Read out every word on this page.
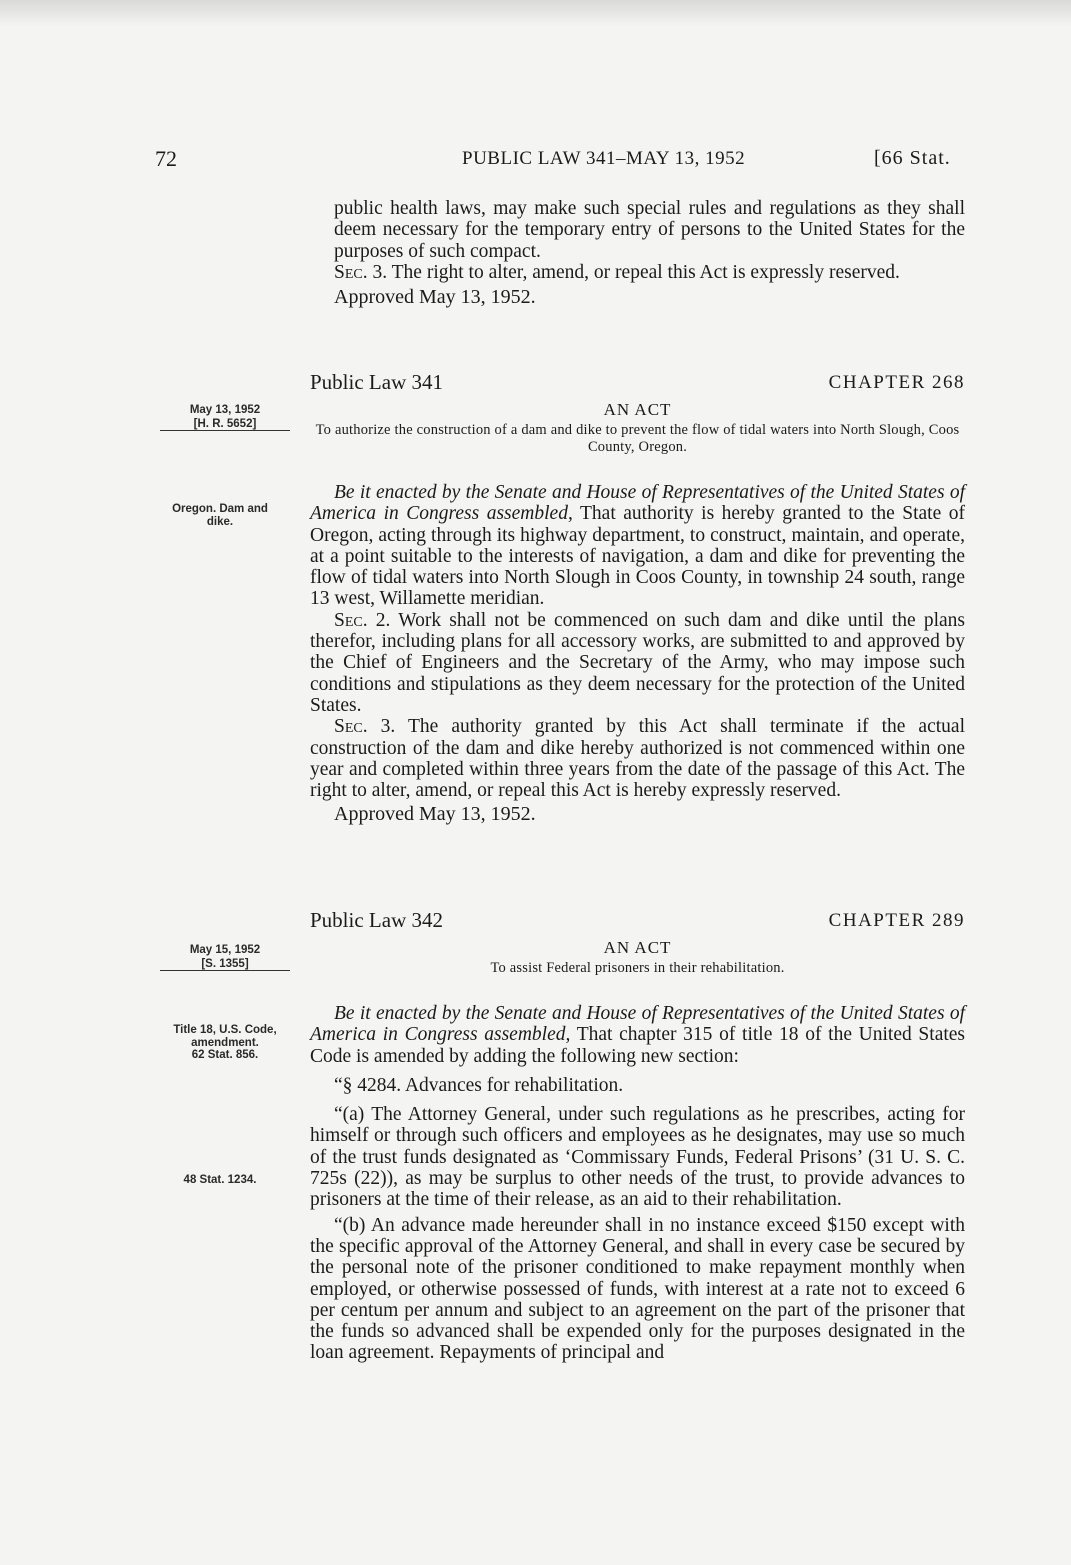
72	PUBLIC LAW 341–MAY 13, 1952	[66 Stat.

public health laws, may make such special rules and regulations as they shall deem necessary for the temporary entry of persons to the United States for the purposes of such compact.

Sec. 3. The right to alter, amend, or repeal this Act is expressly reserved.

Approved May 13, 1952.

May 13, 1952
[H. R. 5652]
Oregon. Dam and dike.
Public Law 341	CHAPTER 268
AN ACT
To authorize the construction of a dam and dike to prevent the flow of tidal waters into North Slough, Coos County, Oregon.

Be it enacted by the Senate and House of Representatives of the United States of America in Congress assembled, That authority is hereby granted to the State of Oregon, acting through its highway department, to construct, maintain, and operate, at a point suitable to the interests of navigation, a dam and dike for preventing the flow of tidal waters into North Slough in Coos County, in township 24 south, range 13 west, Willamette meridian.

Sec. 2. Work shall not be commenced on such dam and dike until the plans therefor, including plans for all accessory works, are submitted to and approved by the Chief of Engineers and the Secretary of the Army, who may impose such conditions and stipulations as they deem necessary for the protection of the United States.

Sec. 3. The authority granted by this Act shall terminate if the actual construction of the dam and dike hereby authorized is not commenced within one year and completed within three years from the date of the passage of this Act. The right to alter, amend, or repeal this Act is hereby expressly reserved.

Approved May 13, 1952.

May 15, 1952
[S. 1355]
Title 18, U.S. Code, amendment.
62 Stat. 856.
48 Stat. 1234.
Public Law 342	CHAPTER 289
AN ACT
To assist Federal prisoners in their rehabilitation.

Be it enacted by the Senate and House of Representatives of the United States of America in Congress assembled, That chapter 315 of title 18 of the United States Code is amended by adding the following new section:

“§ 4284. Advances for rehabilitation.

“(a) The Attorney General, under such regulations as he prescribes, acting for himself or through such officers and employees as he designates, may use so much of the trust funds designated as ‘Commissary Funds, Federal Prisons’ (31 U. S. C. 725s (22)), as may be surplus to other needs of the trust, to provide advances to prisoners at the time of their release, as an aid to their rehabilitation.

“(b) An advance made hereunder shall in no instance exceed $150 except with the specific approval of the Attorney General, and shall in every case be secured by the personal note of the prisoner conditioned to make repayment monthly when employed, or otherwise possessed of funds, with interest at a rate not to exceed 6 per centum per annum and subject to an agreement on the part of the prisoner that the funds so advanced shall be expended only for the purposes designated in the loan agreement. Repayments of principal and
